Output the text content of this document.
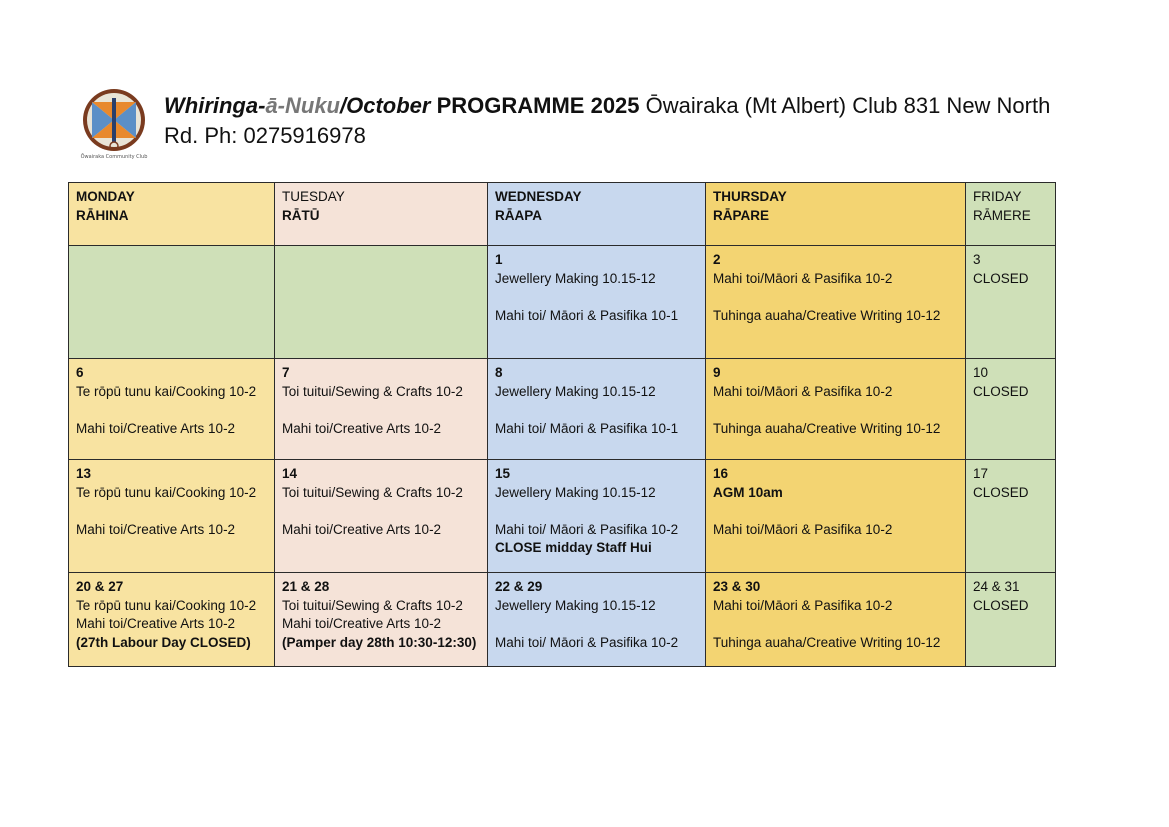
Ōwairaka Community Club
Whiringa-ā-Nuku/October PROGRAMME 2025 Ōwairaka (Mt Albert) Club 831 New North Rd. Ph: 0275916978
MONDAY
RĀHINA	TUESDAY
RĀTŪ	WEDNESDAY
RĀAPA	THURSDAY
RĀPARE	FRIDAY
RĀMERE

		1
Jewellery Making 10.15-12
Mahi toi/ Māori & Pasifika 10-1	2
Mahi toi/Māori & Pasifika 10-2
Tuhinga auaha/Creative Writing 10-12	3
CLOSED

6
Te rōpū tunu kai/Cooking 10-2
Mahi toi/Creative Arts 10-2	7
Toi tuitui/Sewing & Crafts 10-2
Mahi toi/Creative Arts 10-2	8
Jewellery Making 10.15-12
Mahi toi/ Māori & Pasifika 10-1	9
Mahi toi/Māori & Pasifika 10-2
Tuhinga auaha/Creative Writing 10-12	10
CLOSED

13
Te rōpū tunu kai/Cooking 10-2
Mahi toi/Creative Arts 10-2	14
Toi tuitui/Sewing & Crafts 10-2
Mahi toi/Creative Arts 10-2	15
Jewellery Making 10.15-12
Mahi toi/ Māori & Pasifika 10-2
CLOSE midday Staff Hui	16
AGM 10am
Mahi toi/Māori & Pasifika 10-2	17
CLOSED

20 & 27
Te rōpū tunu kai/Cooking 10-2
Mahi toi/Creative Arts 10-2
(27th Labour Day CLOSED)	21 & 28
Toi tuitui/Sewing & Crafts 10-2
Mahi toi/Creative Arts 10-2
(Pamper day 28th 10:30-12:30)	22 & 29
Jewellery Making 10.15-12
Mahi toi/ Māori & Pasifika 10-2	23 & 30
Mahi toi/Māori & Pasifika 10-2
Tuhinga auaha/Creative Writing 10-12	24 & 31
CLOSED
